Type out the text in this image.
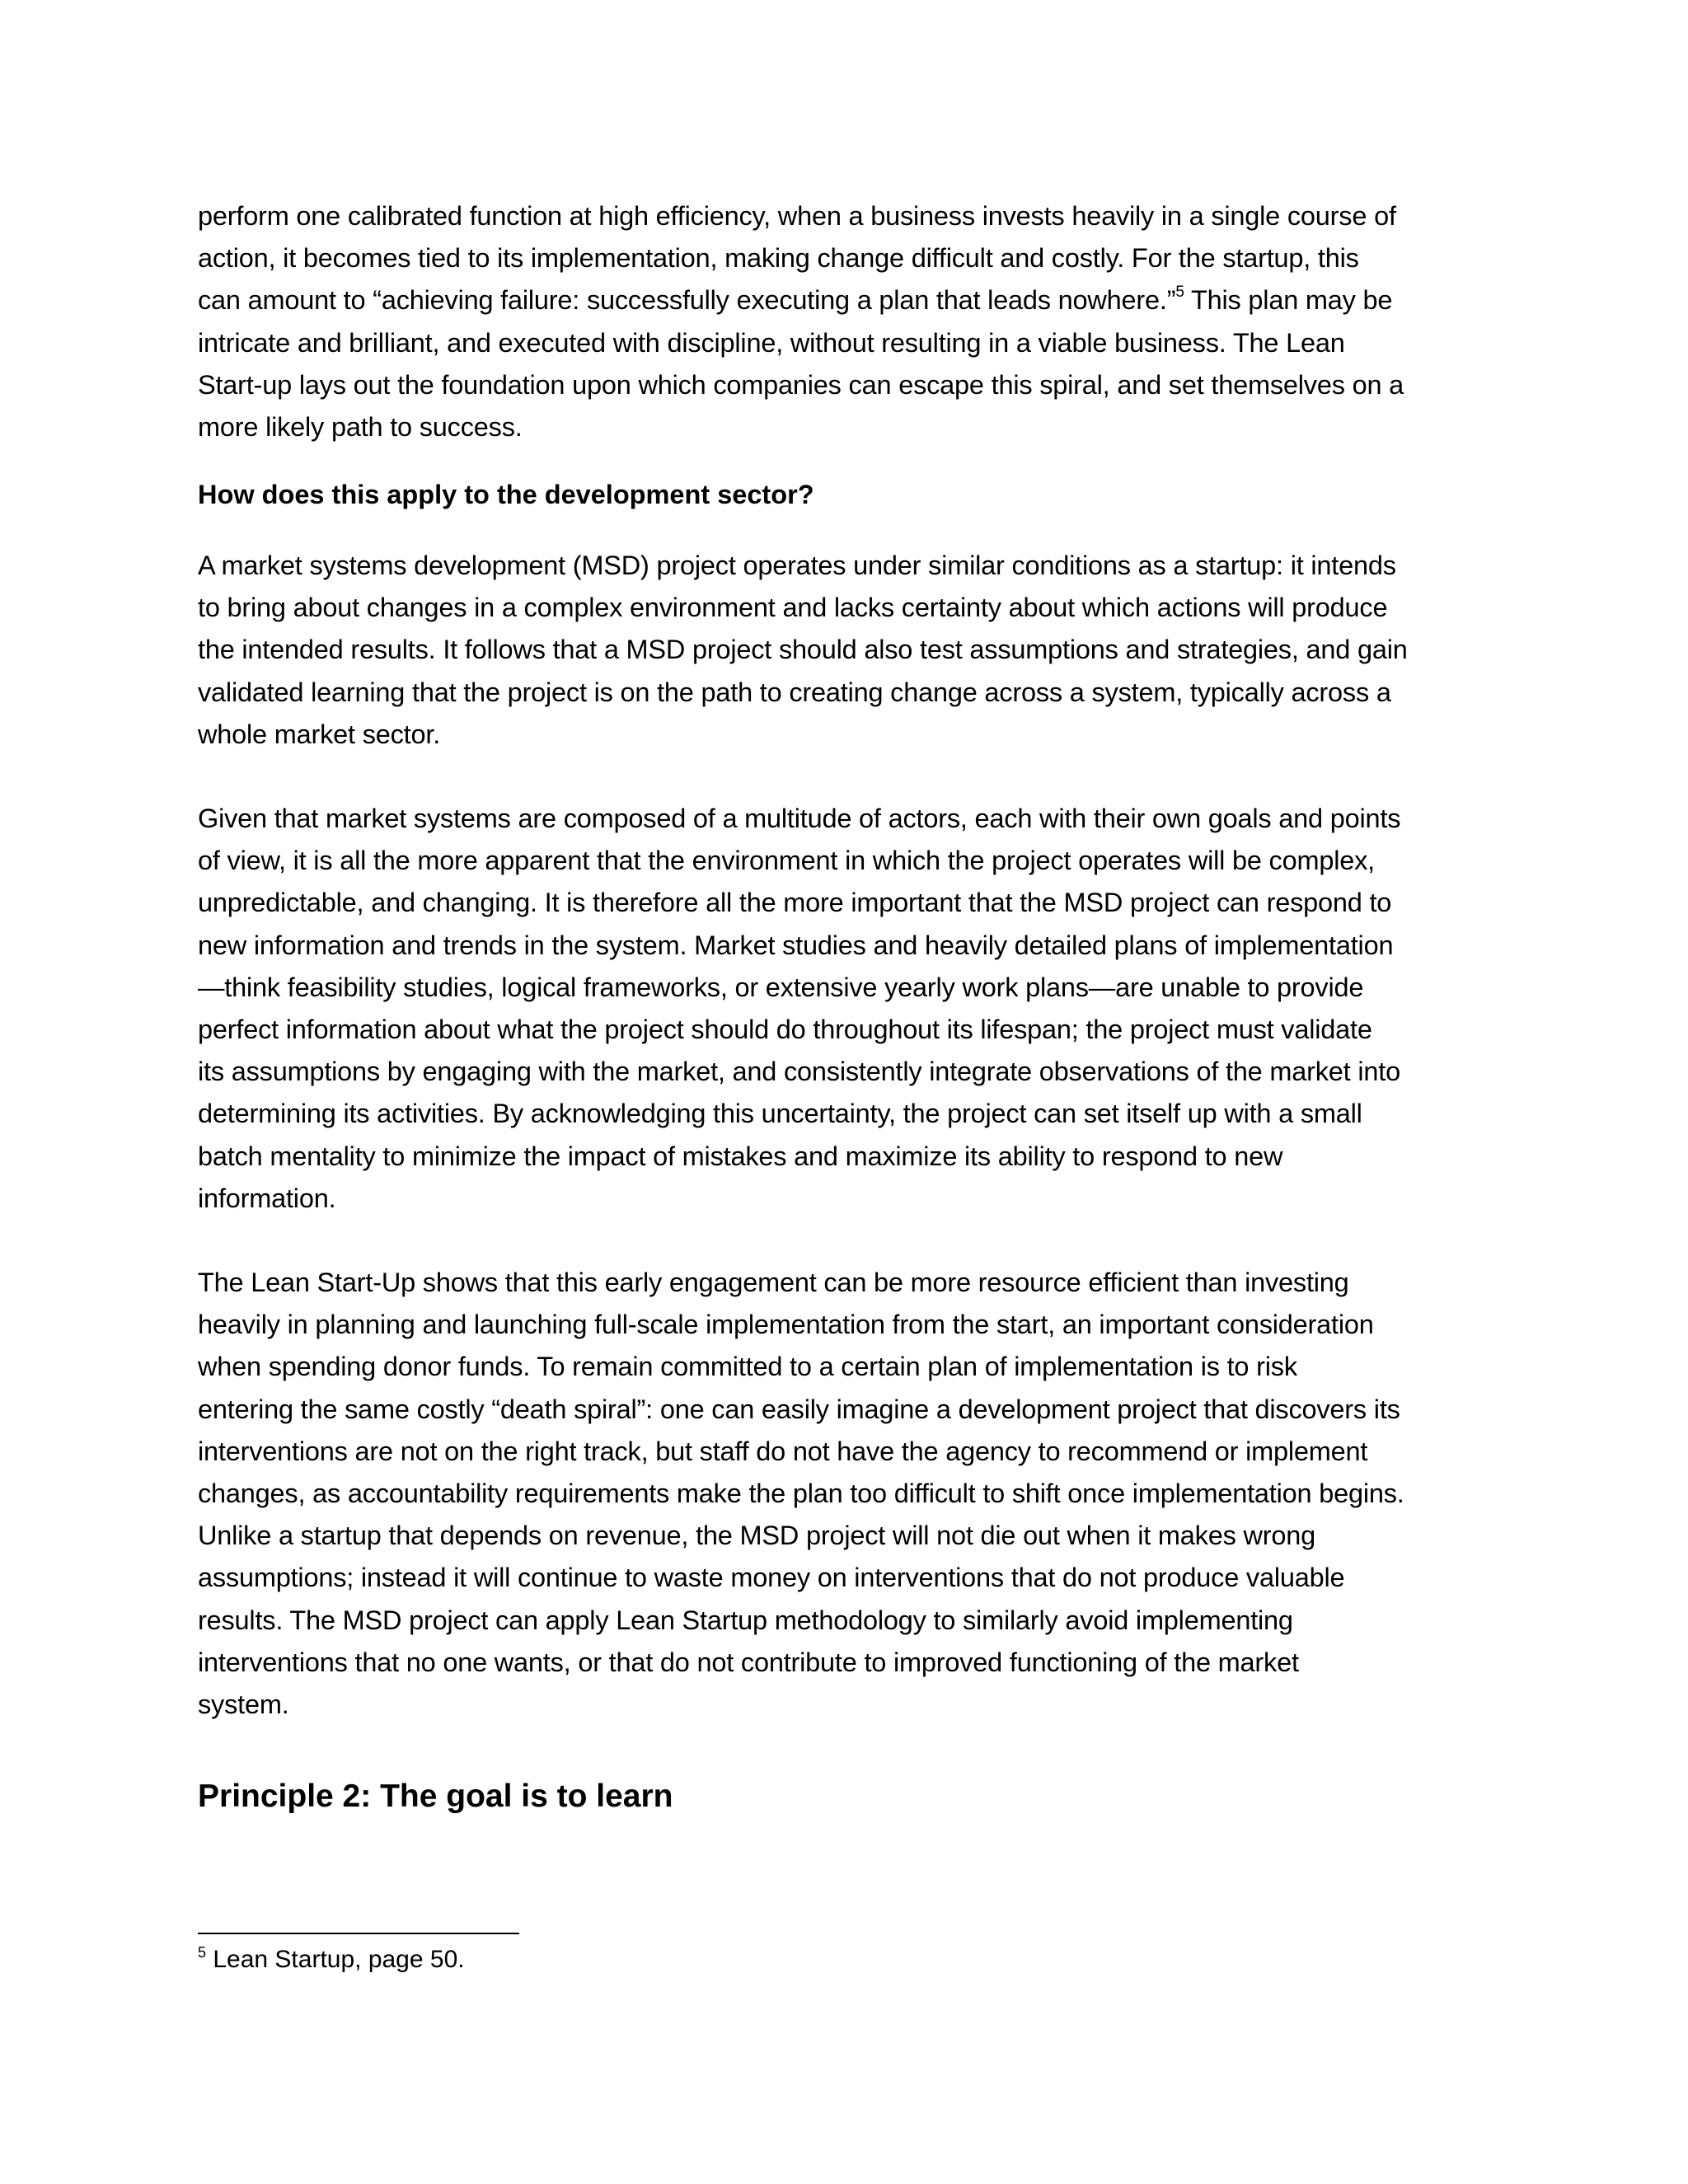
perform one calibrated function at high efficiency, when a business invests heavily in a single course of
action, it becomes tied to its implementation, making change difficult and costly. For the startup, this
can amount to “achieving failure: successfully executing a plan that leads nowhere.”$^5$ This plan may be
intricate and brilliant, and executed with discipline, without resulting in a viable business. The Lean
Start-up lays out the foundation upon which companies can escape this spiral, and set themselves on a
more likely path to success.

How does this apply to the development sector?

A market systems development (MSD) project operates under similar conditions as a startup: it intends
to bring about changes in a complex environment and lacks certainty about which actions will produce
the intended results. It follows that a MSD project should also test assumptions and strategies, and gain
validated learning that the project is on the path to creating change across a system, typically across a
whole market sector.

Given that market systems are composed of a multitude of actors, each with their own goals and points
of view, it is all the more apparent that the environment in which the project operates will be complex,
unpredictable, and changing. It is therefore all the more important that the MSD project can respond to
new information and trends in the system. Market studies and heavily detailed plans of implementation
—think feasibility studies, logical frameworks, or extensive yearly work plans—are unable to provide
perfect information about what the project should do throughout its lifespan; the project must validate
its assumptions by engaging with the market, and consistently integrate observations of the market into
determining its activities. By acknowledging this uncertainty, the project can set itself up with a small
batch mentality to minimize the impact of mistakes and maximize its ability to respond to new
information.

The Lean Start-Up shows that this early engagement can be more resource efficient than investing
heavily in planning and launching full-scale implementation from the start, an important consideration
when spending donor funds. To remain committed to a certain plan of implementation is to risk
entering the same costly “death spiral”: one can easily imagine a development project that discovers its
interventions are not on the right track, but staff do not have the agency to recommend or implement
changes, as accountability requirements make the plan too difficult to shift once implementation begins.
Unlike a startup that depends on revenue, the MSD project will not die out when it makes wrong
assumptions; instead it will continue to waste money on interventions that do not produce valuable
results. The MSD project can apply Lean Startup methodology to similarly avoid implementing
interventions that no one wants, or that do not contribute to improved functioning of the market
system.

Principle 2: The goal is to learn

$^5$ Lean Startup, page 50.
